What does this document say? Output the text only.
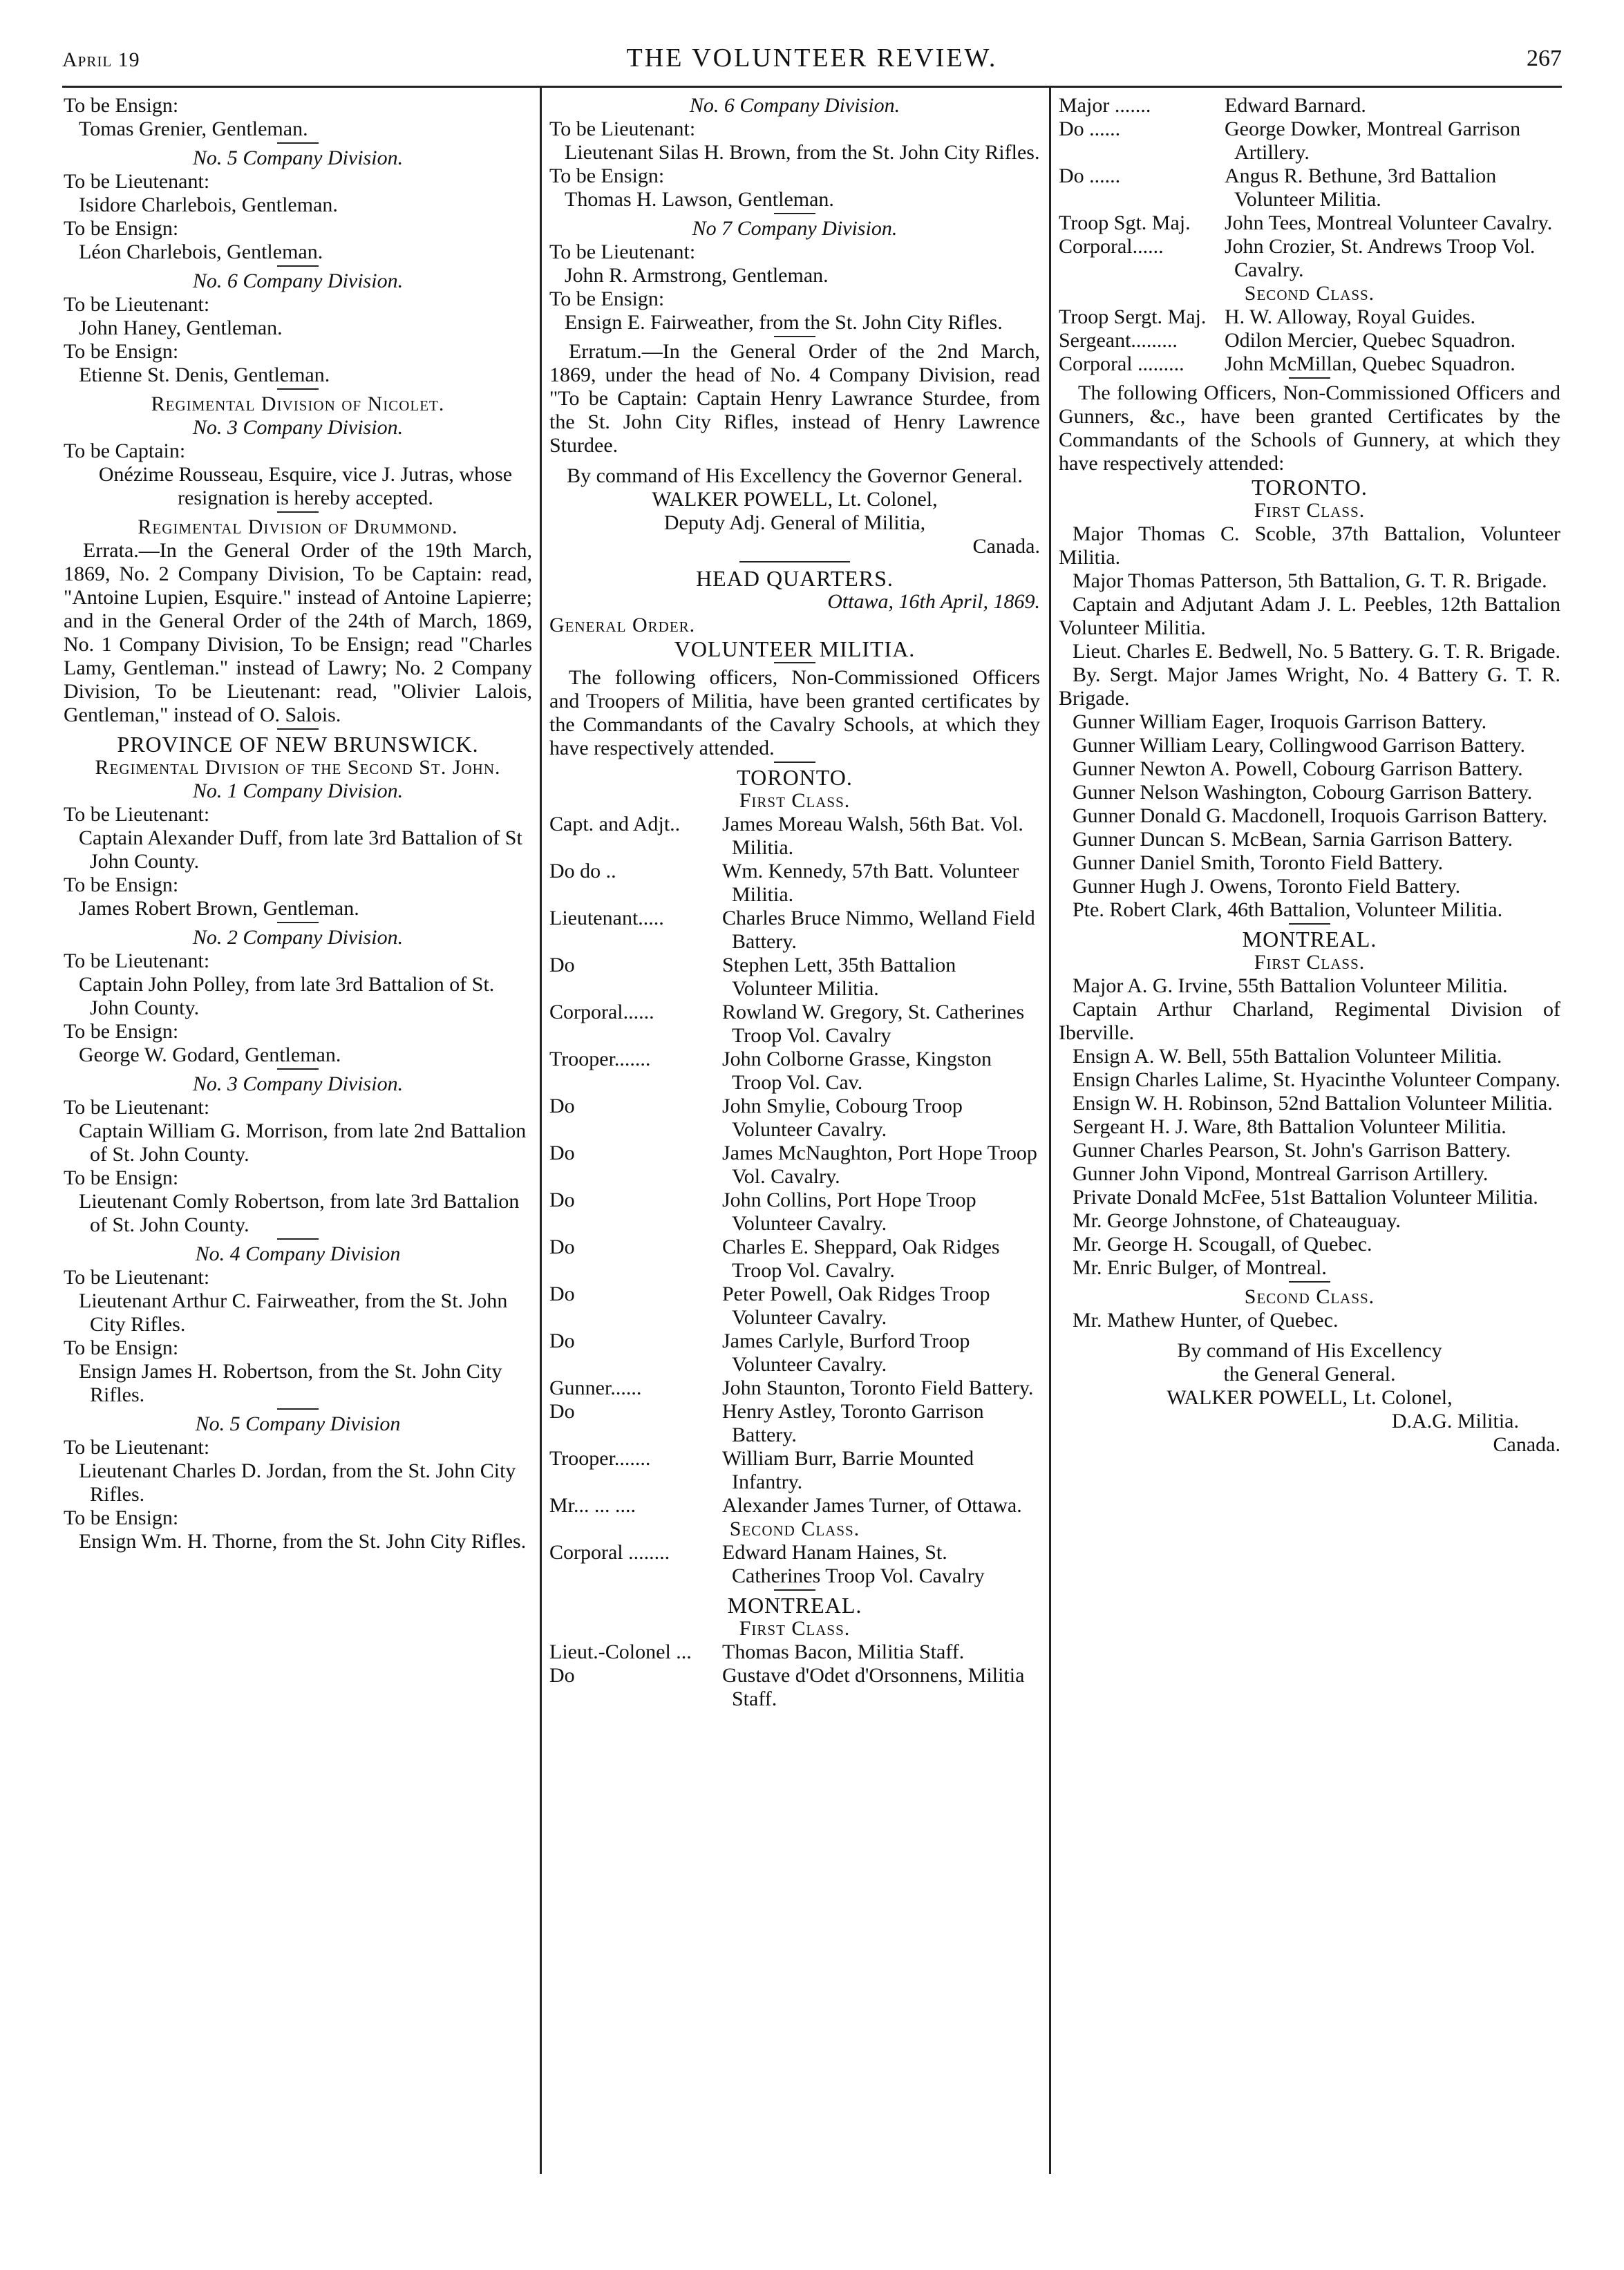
April 19	THE VOLUNTEER REVIEW.	267

To be Ensign:

Tomas Grenier, Gentleman.

No. 5 Company Division.

To be Lieutenant:

Isidore Charlebois, Gentleman.

To be Ensign:

Léon Charlebois, Gentleman.

No. 6 Company Division.

To be Lieutenant:

John Haney, Gentleman.

To be Ensign:

Etienne St. Denis, Gentleman.

Regimental Division of Nicolet.

No. 3 Company Division.

To be Captain:

Onézime Rousseau, Esquire, vice J. Jutras, whose resignation is hereby accepted.

Regimental Division of Drummond.

Errata.—In the General Order of the 19th March, 1869, No. 2 Company Division, To be Captain: read, "Antoine Lupien, Esquire." instead of Antoine Lapierre; and in the General Order of the 24th of March, 1869, No. 1 Company Division, To be Ensign; read "Charles Lamy, Gentleman." instead of Lawry; No. 2 Company Division, To be Lieutenant: read, "Olivier Lalois, Gentleman," instead of O. Salois.

PROVINCE OF NEW BRUNSWICK.

Regimental Division of the Second St. John.

No. 1 Company Division.

To be Lieutenant:

Captain Alexander Duff, from late 3rd Battalion of St John County.

To be Ensign:

James Robert Brown, Gentleman.

No. 2 Company Division.

To be Lieutenant:

Captain John Polley, from late 3rd Battalion of St. John County.

To be Ensign:

George W. Godard, Gentleman.

No. 3 Company Division.

To be Lieutenant:

Captain William G. Morrison, from late 2nd Battalion of St. John County.

To be Ensign:

Lieutenant Comly Robertson, from late 3rd Battalion of St. John County.

No. 4 Company Division

To be Lieutenant:

Lieutenant Arthur C. Fairweather, from the St. John City Rifles.

To be Ensign:

Ensign James H. Robertson, from the St. John City Rifles.

No. 5 Company Division

To be Lieutenant:

Lieutenant Charles D. Jordan, from the St. John City Rifles.

To be Ensign:

Ensign Wm. H. Thorne, from the St. John City Rifles.

No. 6 Company Division.

To be Lieutenant:

Lieutenant Silas H. Brown, from the St. John City Rifles.

To be Ensign:

Thomas H. Lawson, Gentleman.

No 7 Company Division.

To be Lieutenant:

John R. Armstrong, Gentleman.

To be Ensign:

Ensign E. Fairweather, from the St. John City Rifles.

Erratum.—In the General Order of the 2nd March, 1869, under the head of No. 4 Company Division, read "To be Captain: Captain Henry Lawrance Sturdee, from the St. John City Rifles, instead of Henry Lawrence Sturdee.

By command of His Excellency the Governor General.

WALKER POWELL, Lt. Colonel,

Deputy Adj. General of Militia,

Canada.

HEAD QUARTERS.

Ottawa, 16th April, 1869.

General Order.

VOLUNTEER MILITIA.

The following officers, Non-Commissioned Officers and Troopers of Militia, have been granted certificates by the Commandants of the Cavalry Schools, at which they have respectively attended.

TORONTO.

First Class.

Capt. and Adjt..	James Moreau Walsh, 56th Bat. Vol. Militia.
Do do ..	Wm. Kennedy, 57th Batt. Volunteer Militia.
Lieutenant.....	Charles Bruce Nimmo, Welland Field Battery.
Do	Stephen Lett, 35th Battalion Volunteer Militia.
Corporal......	Rowland W. Gregory, St. Catherines Troop Vol. Cavalry
Trooper.......	John Colborne Grasse, Kingston Troop Vol. Cav.
Do	John Smylie, Cobourg Troop Volunteer Cavalry.
Do	James McNaughton, Port Hope Troop Vol. Cavalry.
Do	John Collins, Port Hope Troop Volunteer Cavalry.
Do	Charles E. Sheppard, Oak Ridges Troop Vol. Cavalry.
Do	Peter Powell, Oak Ridges Troop Volunteer Cavalry.
Do	James Carlyle, Burford Troop Volunteer Cavalry.
Gunner......	John Staunton, Toronto Field Battery.
Do	Henry Astley, Toronto Garrison Battery.
Trooper.......	William Burr, Barrie Mounted Infantry.
Mr... ... ....	Alexander James Turner, of Ottawa.

Second Class.

Corporal ........	Edward Hanam Haines, St. Catherines Troop Vol. Cavalry

MONTREAL.

First Class.

Lieut.-Colonel ...	Thomas Bacon, Militia Staff.
Do	Gustave d'Odet d'Orsonnens, Militia Staff.
Major .......	Edward Barnard.
Do ......	George Dowker, Montreal Garrison Artillery.
Do ......	Angus R. Bethune, 3rd Battalion Volunteer Militia.
Troop Sgt. Maj.	John Tees, Montreal Volunteer Cavalry.
Corporal......	John Crozier, St. Andrews Troop Vol. Cavalry.

Second Class.

Troop Sergt. Maj. H. W. Alloway, Royal Guides.
Sergeant.........	Odilon Mercier, Quebec Squadron.
Corporal .........	John McMillan, Quebec Squadron.

The following Officers, Non-Commissioned Officers and Gunners, &c., have been granted Certificates by the Commandants of the Schools of Gunnery, at which they have respectively attended:

TORONTO.

First Class.

Major Thomas C. Scoble, 37th Battalion, Volunteer Militia.

Major Thomas Patterson, 5th Battalion, G. T. R. Brigade.

Captain and Adjutant Adam J. L. Peebles, 12th Battalion Volunteer Militia.

Lieut. Charles E. Bedwell, No. 5 Battery. G. T. R. Brigade.

By. Sergt. Major James Wright, No. 4 Battery G. T. R. Brigade.

Gunner William Eager, Iroquois Garrison Battery.

Gunner William Leary, Collingwood Garrison Battery.

Gunner Newton A. Powell, Cobourg Garrison Battery.

Gunner Nelson Washington, Cobourg Garrison Battery.

Gunner Donald G. Macdonell, Iroquois Garrison Battery.

Gunner Duncan S. McBean, Sarnia Garrison Battery.

Gunner Daniel Smith, Toronto Field Battery.

Gunner Hugh J. Owens, Toronto Field Battery.

Pte. Robert Clark, 46th Battalion, Volunteer Militia.

MONTREAL.

First Class.

Major A. G. Irvine, 55th Battalion Volunteer Militia.

Captain Arthur Charland, Regimental Division of Iberville.

Ensign A. W. Bell, 55th Battalion Volunteer Militia.

Ensign Charles Lalime, St. Hyacinthe Volunteer Company.

Ensign W. H. Robinson, 52nd Battalion Volunteer Militia.

Sergeant H. J. Ware, 8th Battalion Volunteer Militia.

Gunner Charles Pearson, St. John's Garrison Battery.

Gunner John Vipond, Montreal Garrison Artillery.

Private Donald McFee, 51st Battalion Volunteer Militia.

Mr. George Johnstone, of Chateauguay.

Mr. George H. Scougall, of Quebec.

Mr. Enric Bulger, of Montreal.

Second Class.

Mr. Mathew Hunter, of Quebec.

By command of His Excellency

the General General.

WALKER POWELL, Lt. Colonel,

D.A.G. Militia.

Canada.
